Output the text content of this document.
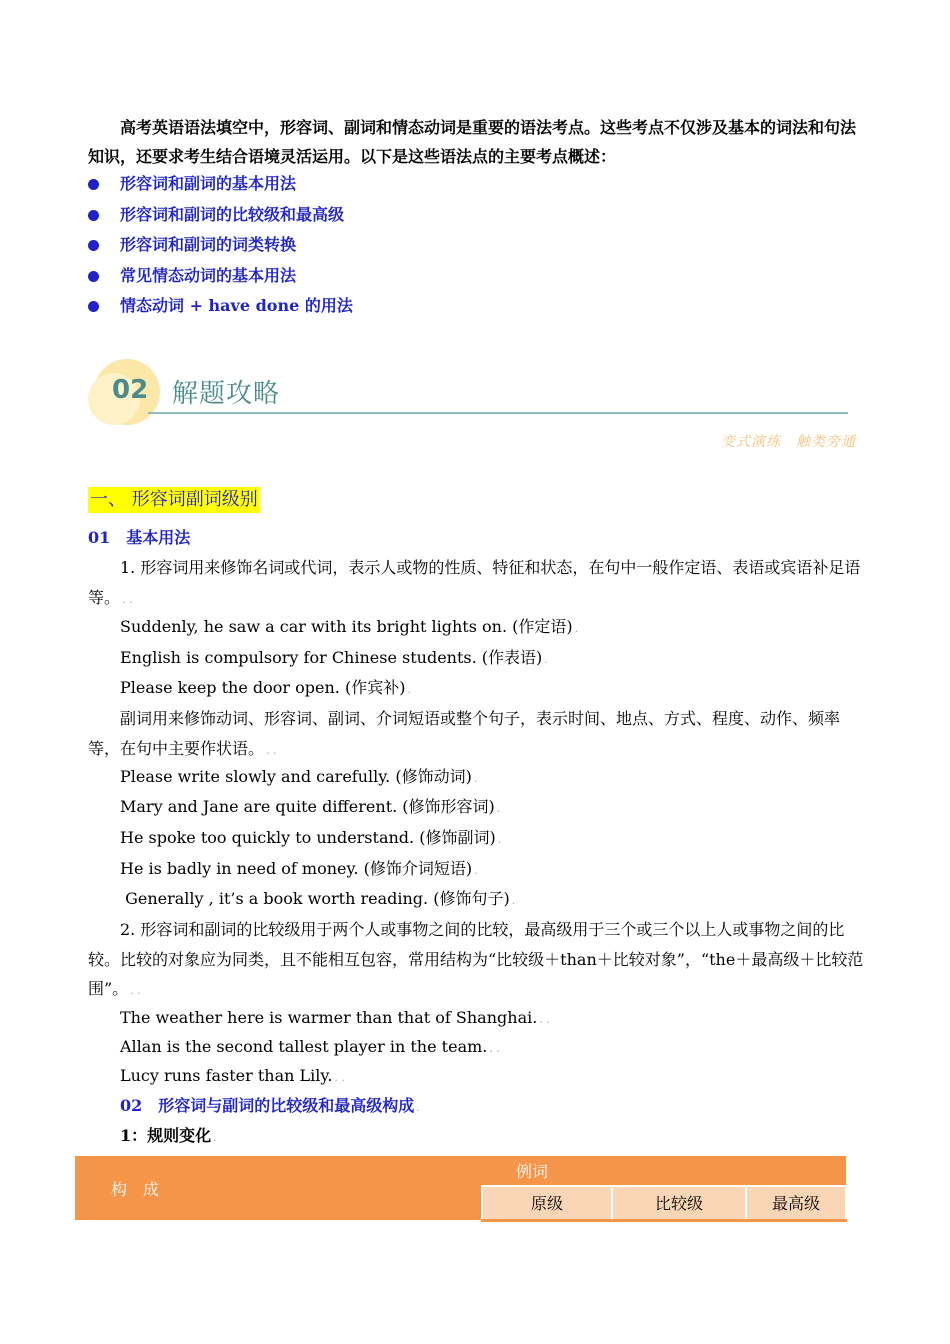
高考英语语法填空中，形容词、副词和情态动词是重要的语法考点。这些考点不仅涉及基本的词法和句法知识，还要求考生结合语境灵活运用。以下是这些语法点的主要考点概述：

形容词和副词的基本用法
形容词和副词的比较级和最高级
形容词和副词的词类转换
常见情态动词的基本用法
情态动词 + have done 的用法
02 解题攻略
变式演练　触类旁通
一、 形容词副词级别
01 基本用法

1. 形容词用来修饰名词或代词，表示人或物的性质、特征和状态，在句中一般作定语、表语或宾语补足语等。 . .

Suddenly, he saw a car with its bright lights on. (作定语) .
English is compulsory for Chinese students. (作表语) .
Please keep the door open. (作宾补) .

副词用来修饰动词、形容词、副词、介词短语或整个句子，表示时间、地点、方式、程度、动作、频率等，在句中主要作状语。 . .

Please write slowly and carefully. (修饰动词) .
Mary and Jane are quite different. (修饰形容词) .
He spoke too quickly to understand. (修饰副词) .
He is badly in need of money. (修饰介词短语) .
Generally , it’s a book worth reading. (修饰句子) .

2. 形容词和副词的比较级用于两个人或事物之间的比较，最高级用于三个或三个以上人或事物之间的比较。比较的对象应为同类，且不能相互包容，常用结构为“比较级＋than＋比较对象”，“the＋最高级＋比较范围”。 . .

The weather here is warmer than that of Shanghai. . .
Allan is the second tallest player in the team. . .
Lucy runs faster than Lily. . .
02 形容词与副词的比较级和最高级构成 .
1：规则变化 .
构　成	例词		
	原级	比较级	最高级
